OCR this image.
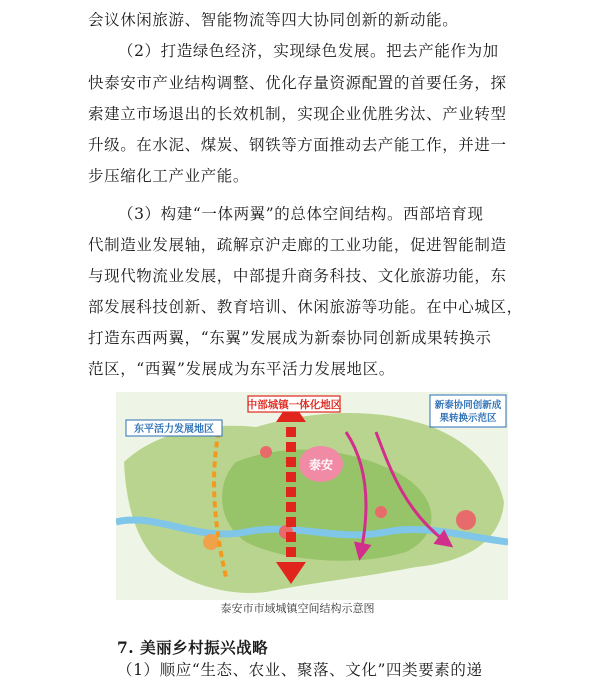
会议休闲旅游、智能物流等四大协同创新的新动能。
（2）打造绿色经济，实现绿色发展。把去产能作为加
快泰安市产业结构调整、优化存量资源配置的首要任务，探
索建立市场退出的长效机制，实现企业优胜劣汰、产业转型
升级。在水泥、煤炭、钢铁等方面推动去产能工作，并进一
步压缩化工产业产能。
（3）构建“一体两翼”的总体空间结构。西部培育现
代制造业发展轴，疏解京沪走廊的工业功能，促进智能制造
与现代物流业发展，中部提升商务科技、文化旅游功能，东
部发展科技创新、教育培训、休闲旅游等功能。在中心城区，
打造东西两翼，“东翼”发展成为新泰协同创新成果转换示
范区，“西翼”发展成为东平活力发展地区。
泰安
中部城镇一体化地区
东平活力发展地区
新泰协同创新成
果转换示范区
泰安市市域城镇空间结构示意图
7. 美丽乡村振兴战略
（1）顺应“生态、农业、聚落、文化”四类要素的递
